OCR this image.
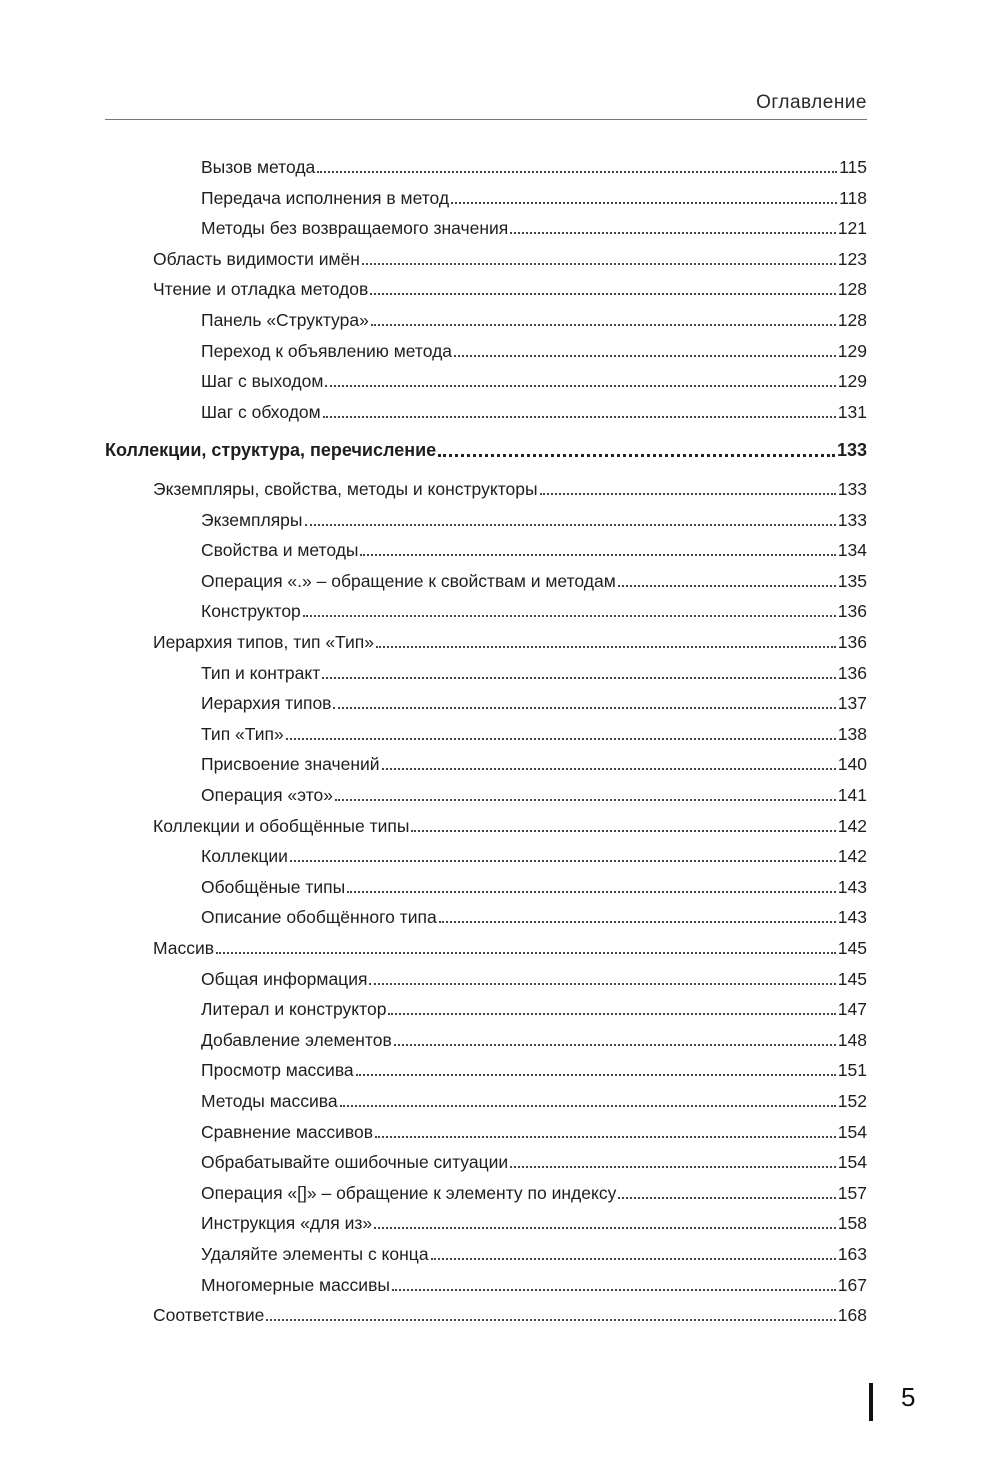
Оглавление
Вызов метода	115
Передача исполнения в метод	118
Методы без возвращаемого значения	121
Область видимости имён	123
Чтение и отладка методов	128
Панель «Структура»	128
Переход к объявлению метода	129
Шаг с выходом	129
Шаг с обходом	131
Коллекции, структура, перечисление	133
Экземпляры, свойства, методы и конструкторы	133
Экземпляры	133
Свойства и методы	134
Операция «.» – обращение к свойствам и методам	135
Конструктор	136
Иерархия типов, тип «Тип»	136
Тип и контракт	136
Иерархия типов	137
Тип «Тип»	138
Присвоение значений	140
Операция «это»	141
Коллекции и обобщённые типы	142
Коллекции	142
Обобщёные типы	143
Описание обобщённого типа	143
Массив	145
Общая информация	145
Литерал и конструктор	147
Добавление элементов	148
Просмотр массива	151
Методы массива	152
Сравнение массивов	154
Обрабатывайте ошибочные ситуации	154
Операция «[]» – обращение к элементу по индексу	157
Инструкция «для из»	158
Удаляйте элементы с конца	163
Многомерные массивы	167
Соответствие	168
5
